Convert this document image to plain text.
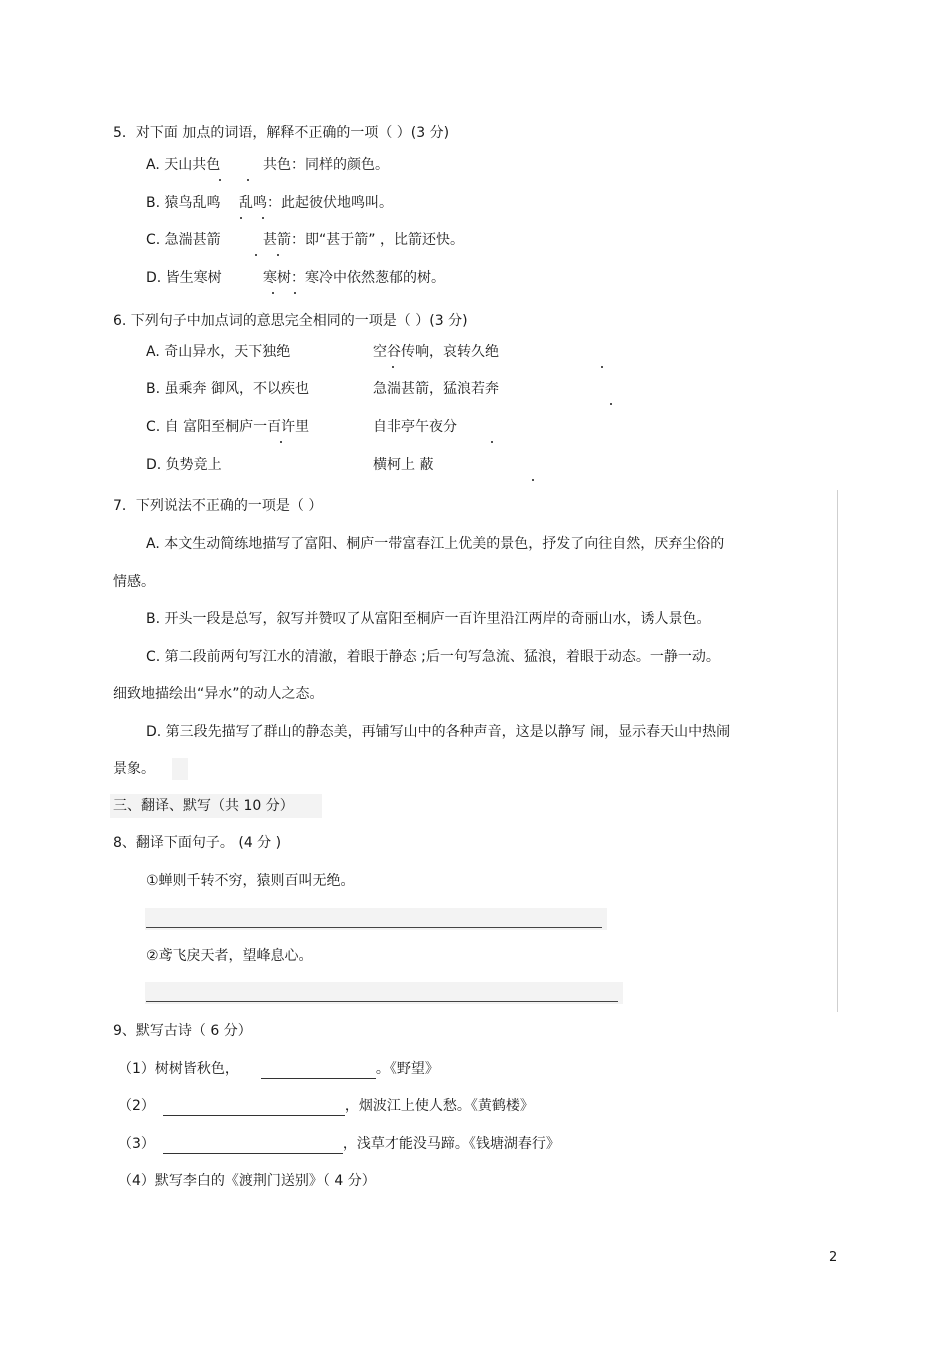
5．对下面 加点的词语，解释不正确的一项（ ）(3 分)
A. 天山共色
	共色：同样的颜色。
B. 猿鸟乱鸣
乱鸣：此起彼伏地鸣叫。
C. 急湍甚箭
	甚箭：即“甚于箭” ，比箭还快。
D. 皆生寒树
	寒树：寒冷中依然葱郁的树。
6. 下列句子中加点词的意思完全相同的一项是（ ）(3 分)
A. 奇山异水，天下独绝
	空谷传响，哀转久绝

B. 虽乘奔 御风，不以疾也	急湍甚箭，猛浪若奔

C. 自 富阳至桐庐一百许里
	自非亭午夜分

D. 负势竞上	横柯上 蔽
7．下列说法不正确的一项是（ ）
A. 本文生动简练地描写了富阳、桐庐一带富春江上优美的景色，抒发了向往自然，厌弃尘俗的
情感。
B. 开头一段是总写，叙写并赞叹了从富阳至桐庐一百许里沿江两岸的奇丽山水，诱人景色。
C. 第二段前两句写江水的清澈，着眼于静态 ;后一句写急流、猛浪，着眼于动态。一静一动。
细致地描绘出“异水”的动人之态。
D. 第三段先描写了群山的静态美，再铺写山中的各种声音，这是以静写 闹，显示春天山中热闹
景象。
三、翻译、默写（共 10 分）
8、翻译下面句子。 (4 分 )
①蝉则千转不穷，猿则百叫无绝。
②鸢飞戾天者，望峰息心。
9、默写古诗（ 6 分）
（1）树树皆秋色，	。《野望》
（2）	，烟波江上使人愁。《黄鹤楼》
（3）	，浅草才能没马蹄。《钱塘湖春行》
（4）默写李白的《渡荆门送别》（ 4 分）
2
